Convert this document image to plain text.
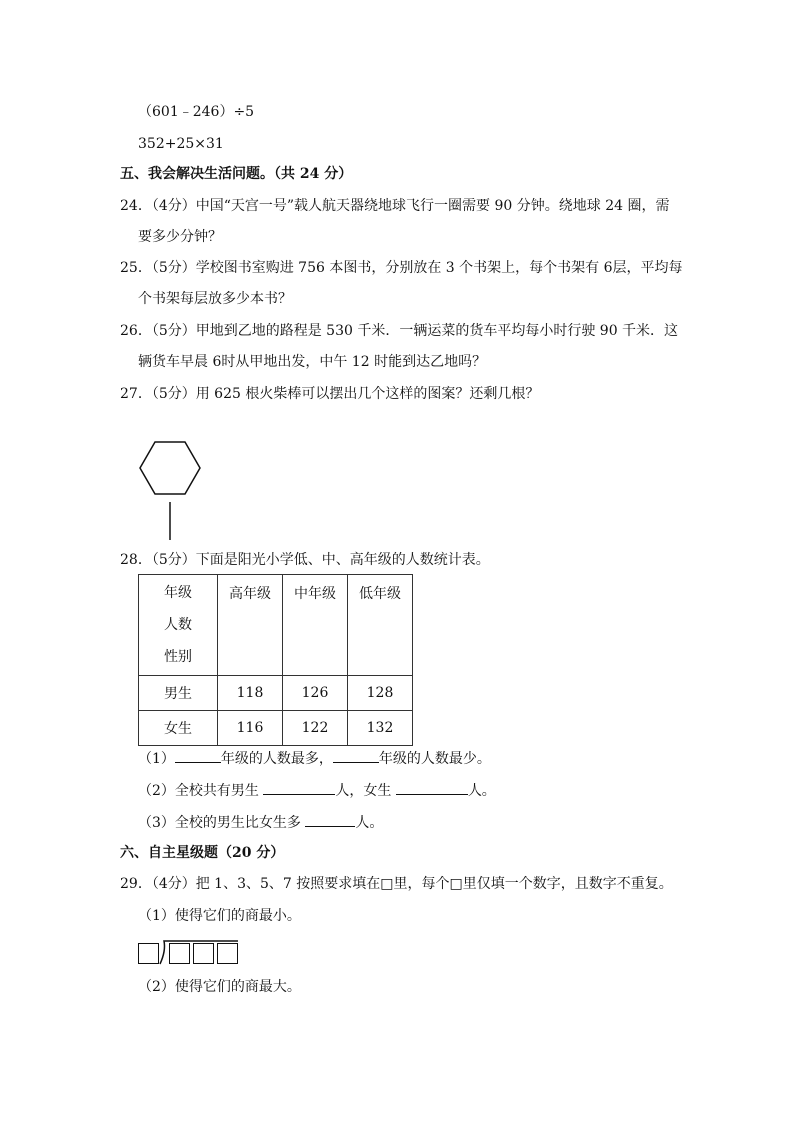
（601﹣246）÷5
352+25×31
五、我会解决生活问题。（共 24 分）
24．（4分）中国“天宫一号”载人航天器绕地球飞行一圈需要 90 分钟。绕地球 24 圈，需
要多少分钟？
25．（5分）学校图书室购进 756 本图书，分别放在 3 个书架上，每个书架有 6层，平均每
个书架每层放多少本书？
26．（5分）甲地到乙地的路程是 530 千米．一辆运菜的货车平均每小时行驶 90 千米．这
辆货车早晨 6时从甲地出发，中午 12 时能到达乙地吗？
27．（5分）用 625 根火柴棒可以摆出几个这样的图案？还剩几根？
28．（5分）下面是阳光小学低、中、高年级的人数统计表。
年级
人数
性别	高年级	中年级	低年级

男生	118	126	128
女生	116	122	132
（1）	年级的人数最多，	年级的人数最少。
（2）全校共有男生	人，女生	人。
（3）全校的男生比女生多	人。
六、自主星级题（20 分）
29．（4分）把 1、3、5、7 按照要求填在□里，每个□里仅填一个数字，且数字不重复。
（1）使得它们的商最小。
（2）使得它们的商最大。
